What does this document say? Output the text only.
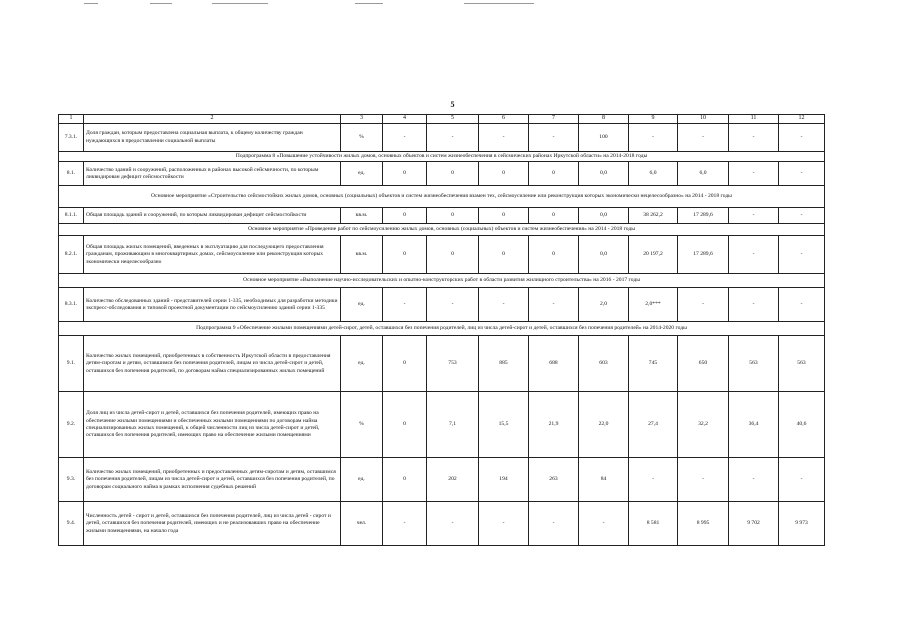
5
1	2	3	4	5	6	7	8	9	10	11	12
7.3.1.	Доля граждан, которым предоставлена социальная выплата, к общему количеству граждан нуждающихся в предоставлении социальной выплаты	%	-	-	-	-	100	-	-	-	-
Подпрограмма 8 «Повышение устойчивости жилых домов, основных объектов и систем жизнеобеспечения в сейсмических районах Иркутской области» на 2014-2018 годы											
8.1.	Количество зданий и сооружений, расположенных в районах высокой сейсмичности, по которым ликвидирован дефицит сейсмостойкости	ед.	0	0	0	0	0,0	6,0	6,0	-	-
Основное мероприятие «Строительство сейсмостойких жилых домов, основных (социальных) объектов и систем жизнеобеспечения взамен тех, сейсмоусиление или реконструкция которых экономически нецелесообразно» на 2014 - 2018 годы											
8.1.1.	Общая площадь зданий и сооружений, по которым ликвидирован дефицит сейсмостойкости	кв.м.	0	0	0	0	0,0	38 262,2	17 289,6	-	-
Основное мероприятие «Проведение работ по сейсмоусилению жилых домов, основных (социальных) объектов и систем жизнеобеспечения» на 2014 - 2018 годы											
8.2.1.	Общая площадь жилых помещений, введенных в эксплуатацию для последующего предоставления гражданам, проживающим в многоквартирных домах, сейсмоусиление или реконструкция которых экономически нецелесообразно	кв.м.	0	0	0	0	0,0	20 197,2	17 289,6	-	-
Основное мероприятие «Выполнение научно-исследовательских и опытно-конструкторских работ в области развития жилищного строительства» на 2016 - 2017 годы											
8.3.1.	Количество обследованных зданий - представителей серии 1-335, необходимых для разработки методики экспресс-обследования и типовой проектной документации по сейсмоусилению зданий серии 1-335	ед.	-	-	-	-	2,0	2,0***	-	-	-
Подпрограмма 9 «Обеспечение жилыми помещениями детей-сирот, детей, оставшихся без попечения родителей, лиц из числа детей-сирот и детей, оставшихся без попечения родителей» на 2014-2020 годы											
9.1.	Количество жилых помещений, приобретенных в собственность Иркутской области в предоставления детям-сиротам и детям, оставшимся без попечения родителей, лицам из числа детей-сирот и детей, оставшихся без попечения родителей, по договорам найма специализированных жилых помещений	ед.	0	753	885	688	603	745	650	563	563
9.2.	Доля лиц из числа детей-сирот и детей, оставшихся без попечения родителей, имеющих право на обеспечение жилыми помещениями и обеспеченных жилыми помещениями по договорам найма специализированных жилых помещений, к общей численности лиц из числа детей-сирот и детей, оставшихся без попечения родителей, имеющих право на обеспечение жилыми помещениями	%	0	7,1	15,5	21,9	22,0	27,4	32,2	36,4	40,6
9.3.	Количество жилых помещений, приобретенных и предоставленных детям-сиротам и детям, оставшимся без попечения родителей, лицам из числа детей-сирот и детей, оставшихся без попечения родителей, по договорам социального найма в рамках исполнения судебных решений	ед.	0	202	194	263	84	-	-	-	-
9.4.	Численность детей - сирот и детей, оставшихся без попечения родителей, лиц из числа детей - сирот и детей, оставшихся без попечения родителей, имеющих и не реализовавших право на обеспечение жилыми помещениями, на начало года	чел.	-	-	-	-	-	8 581	8 995	9 702	9 973
